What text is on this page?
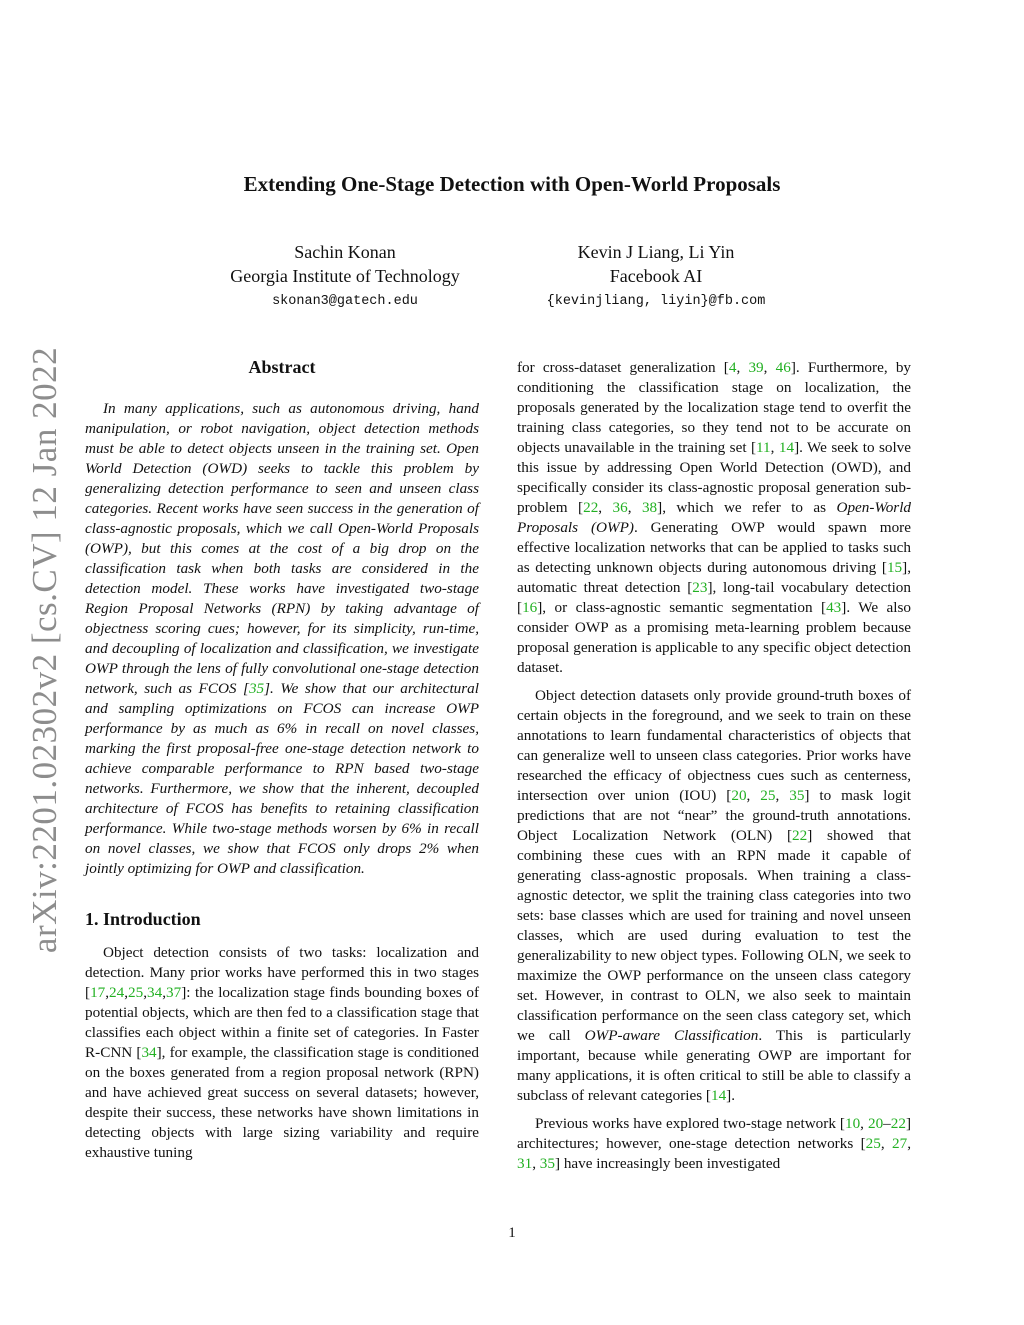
arXiv:2201.02302v2 [cs.CV] 12 Jan 2022
Extending One-Stage Detection with Open-World Proposals
Sachin Konan
Georgia Institute of Technology
skonan3@gatech.edu
Kevin J Liang, Li Yin
Facebook AI
{kevinjliang, liyin}@fb.com
Abstract

In many applications, such as autonomous driving, hand manipulation, or robot navigation, object detection methods must be able to detect objects unseen in the training set. Open World Detection (OWD) seeks to tackle this problem by generalizing detection performance to seen and unseen class categories. Recent works have seen success in the generation of class-agnostic proposals, which we call Open-World Proposals (OWP), but this comes at the cost of a big drop on the classification task when both tasks are considered in the detection model. These works have investigated two-stage Region Proposal Networks (RPN) by taking advantage of objectness scoring cues; however, for its simplicity, run-time, and decoupling of localization and classification, we investigate OWP through the lens of fully convolutional one-stage detection network, such as FCOS [35]. We show that our architectural and sampling optimizations on FCOS can increase OWP performance by as much as 6% in recall on novel classes, marking the first proposal-free one-stage detection network to achieve comparable performance to RPN based two-stage networks. Furthermore, we show that the inherent, decoupled architecture of FCOS has benefits to retaining classification performance. While two-stage methods worsen by 6% in recall on novel classes, we show that FCOS only drops 2% when jointly optimizing for OWP and classification.

1. Introduction

Object detection consists of two tasks: localization and detection. Many prior works have performed this in two stages [17,24,25,34,37]: the localization stage finds bounding boxes of potential objects, which are then fed to a classification stage that classifies each object within a finite set of categories. In Faster R-CNN [34], for example, the classification stage is conditioned on the boxes generated from a region proposal network (RPN) and have achieved great success on several datasets; however, despite their success, these networks have shown limitations in detecting objects with large sizing variability and require exhaustive tuning

for cross-dataset generalization [4, 39, 46]. Furthermore, by conditioning the classification stage on localization, the proposals generated by the localization stage tend to overfit the training class categories, so they tend not to be accurate on objects unavailable in the training set [11, 14]. We seek to solve this issue by addressing Open World Detection (OWD), and specifically consider its class-agnostic proposal generation sub-problem [22, 36, 38], which we refer to as Open-World Proposals (OWP). Generating OWP would spawn more effective localization networks that can be applied to tasks such as detecting unknown objects during autonomous driving [15], automatic threat detection [23], long-tail vocabulary detection [16], or class-agnostic semantic segmentation [43]. We also consider OWP as a promising meta-learning problem because proposal generation is applicable to any specific object detection dataset.

Object detection datasets only provide ground-truth boxes of certain objects in the foreground, and we seek to train on these annotations to learn fundamental characteristics of objects that can generalize well to unseen class categories. Prior works have researched the efficacy of objectness cues such as centerness, intersection over union (IOU) [20, 25, 35] to mask logit predictions that are not “near” the ground-truth annotations. Object Localization Network (OLN) [22] showed that combining these cues with an RPN made it capable of generating class-agnostic proposals. When training a class-agnostic detector, we split the training class categories into two sets: base classes which are used for training and novel unseen classes, which are used during evaluation to test the generalizability to new object types. Following OLN, we seek to maximize the OWP performance on the unseen class category set. However, in contrast to OLN, we also seek to maintain classification performance on the seen class category set, which we call OWP-aware Classification. This is particularly important, because while generating OWP are important for many applications, it is often critical to still be able to classify a subclass of relevant categories [14].

Previous works have explored two-stage network [10, 20–22] architectures; however, one-stage detection networks [25, 27, 31, 35] have increasingly been investigated

1
